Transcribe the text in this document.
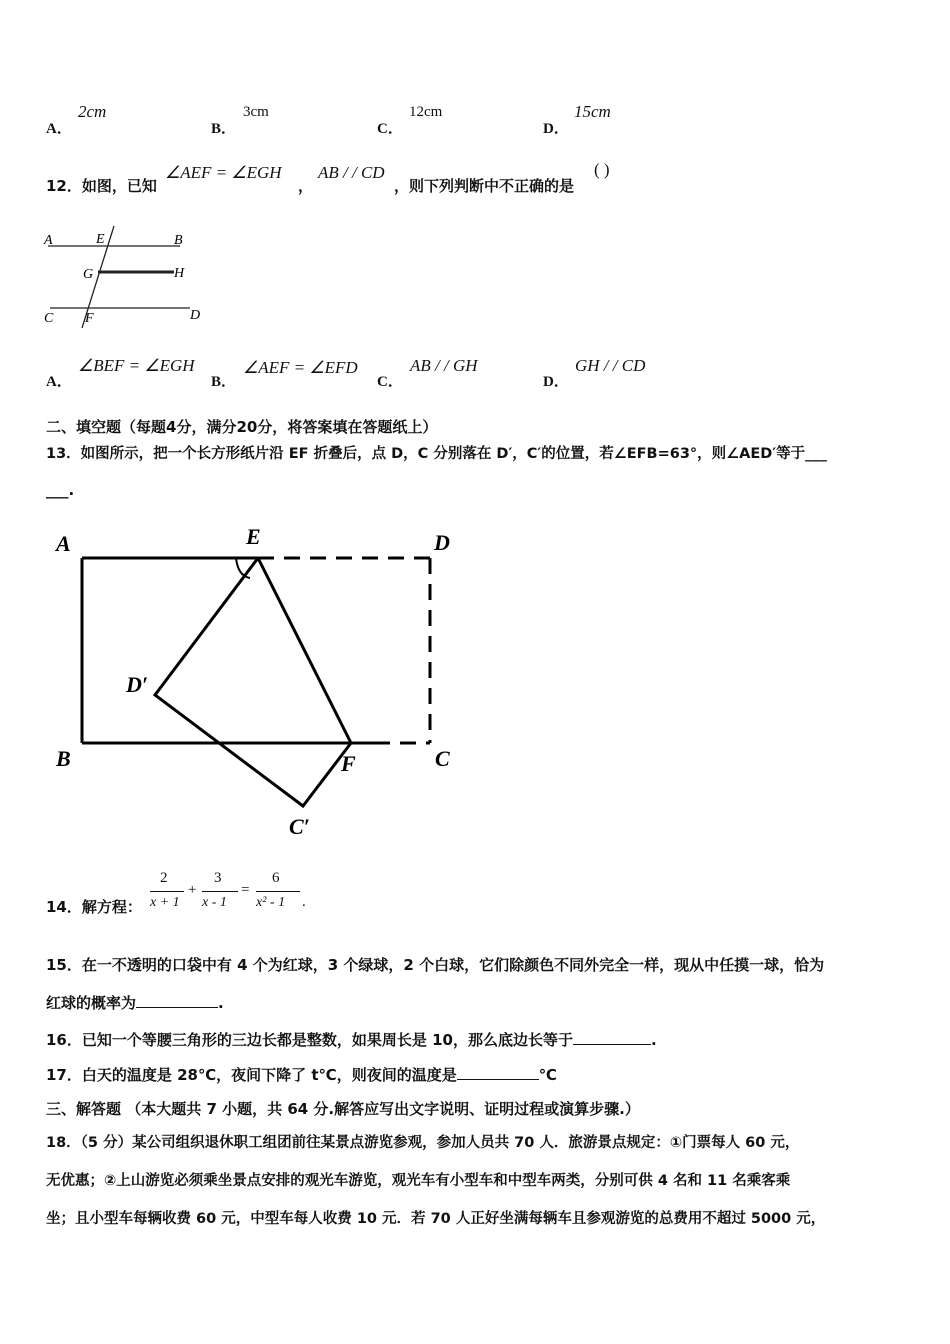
A．
2cm
B．
3cm
C．
12cm
D．
15cm
12．如图，已知
∠AEF = ∠EGH
，
AB / / CD
，则下列判断中不正确的是
( )
A	E	B
G	H
C F	D
A．
∠BEF = ∠EGH
B．
∠AEF = ∠EFD
C．
AB / / GH
D．
GH / / CD
二、填空题（每题4分，满分20分，将答案填在答题纸上）
13．如图所示，把一个长方形纸片沿 EF 折叠后，点 D，C 分别落在 D′，C′的位置，若∠EFB=63°，则∠AED′等于___
___.
A	E	D
D′
B	F	C
C′
14．解方程：
2
x + 1
+
3
x - 1
=
6
x² - 1 .
15．在一不透明的口袋中有 4 个为红球，3 个绿球，2 个白球，它们除颜色不同外完全一样，现从中任摸一球，恰为
红球的概率为	.
16．已知一个等腰三角形的三边长都是整数，如果周长是 10，那么底边长等于	.
17．白天的温度是 28℃，夜间下降了 t℃，则夜间的温度是	℃
三、解答题 （本大题共 7 小题，共 64 分.解答应写出文字说明、证明过程或演算步骤.）
18．（5 分）某公司组织退休职工组团前往某景点游览参观，参加人员共 70 人．旅游景点规定：①门票每人 60 元，
无优惠；②上山游览必须乘坐景点安排的观光车游览，观光车有小型车和中型车两类，分别可供 4 名和 11 名乘客乘
坐；且小型车每辆收费 60 元，中型车每人收费 10 元．若 70 人正好坐满每辆车且参观游览的总费用不超过 5000 元，
